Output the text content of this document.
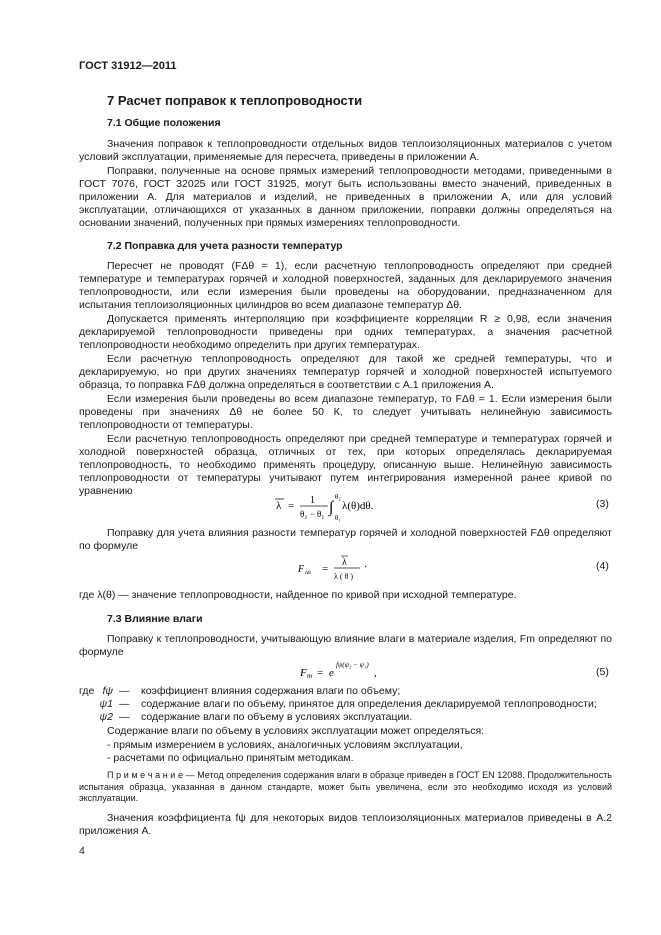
ГОСТ 31912—2011
7 Расчет поправок к теплопроводности
7.1 Общие положения

Значения поправок к теплопроводности отдельных видов теплоизоляционных материалов с учетом условий эксплуатации, применяемые для пересчета, приведены в приложении А.

Поправки, полученные на основе прямых измерений теплопроводности методами, приведенными в ГОСТ 7076, ГОСТ 32025 или ГОСТ 31925, могут быть использованы вместо значений, приведенных в приложении А. Для материалов и изделий, не приведенных в приложении А, или для условий эксплуатации, отличающихся от указанных в данном приложении, поправки должны определяться на основании значений, полученных при прямых измерениях теплопроводности.

7.2 Поправка для учета разности температур

Пересчет не проводят (FΔθ = 1), если расчетную теплопроводность определяют при средней температуре и температурах горячей и холодной поверхностей, заданных для декларируемого значения теплопроводности, или если измерения были проведены на оборудовании, предназначенном для испытания теплоизоляционных цилиндров во всем диапазоне температур Δθ.

Допускается применять интерполяцию при коэффициенте корреляции R ≥ 0,98, если значения декларируемой теплопроводности приведены при одних температурах, а значения расчетной теплопроводности необходимо определить при других температурах.

Если расчетную теплопроводность определяют для такой же средней температуры, что и декларируемую, но при других значениях температур горячей и холодной поверхностей испытуемого образца, то поправка FΔθ должна определяться в соответствии с А.1 приложения А.

Если измерения были проведены во всем диапазоне температур, то FΔθ = 1. Если измерения были проведены при значениях Δθ не более 50 К, то следует учитывать нелинейную зависимость теплопроводности от температуры.

Если расчетную теплопроводность определяют при средней температуре и температурах горячей и холодной поверхностей образца, отличных от тех, при которых определялась декларируемая теплопроводность, то необходимо применять процедуру, описанную выше. Нелинейную зависимость теплопроводности от температуры учитывают путем интегрирования измеренной ранее кривой по уравнению

λ = 1
θ₂ − θ₁ ∫
θ₂
θ₁
λ(θ)dθ.	(3)

Поправку для учета влияния разности температур горячей и холодной поверхностей FΔθ определяют по формуле

F Δθ =
λ
λ ( θ )
·	(4)
где λ(θ) — значение теплопроводности, найденное по кривой при исходной температуре.
7.3 Влияние влаги

Поправку к теплопроводности, учитывающую влияние влаги в материале изделия, Fm определяют по формуле

F m = e
fψ(ψ₂ − ψ₁)
,	(5)
где fψ —	коэффициент влияния содержания влаги по объему;
ψ1 —	содержание влаги по объему, принятое для определения декларируемой теплопроводности;
ψ2 —	содержание влаги по объему в условиях эксплуатации.
Содержание влаги по объему в условиях эксплуатации может определяться:
- прямым измерением в условиях, аналогичных условиям эксплуатации,
- расчетами по официально принятым методикам.
П р и м е ч а н и е — Метод определения содержания влаги в образце приведен в ГОСТ EN 12088. Продолжительность испытания образца, указанная в данном стандарте, может быть увеличена, если это необходимо исходя из условий эксплуатации.

Значения коэффициента fψ для некоторых видов теплоизоляционных материалов приведены в А.2 приложения А.

4
